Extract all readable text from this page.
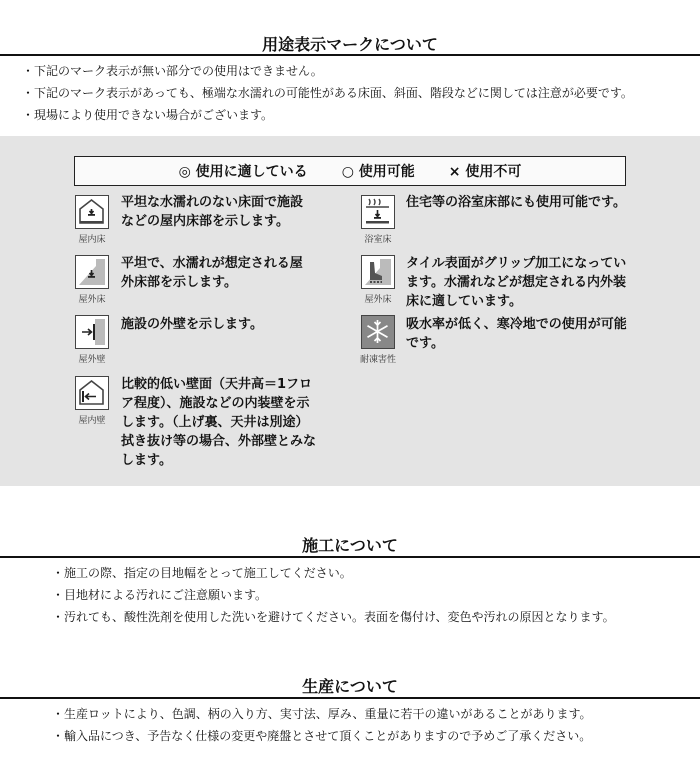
用途表示マークについて
・下記のマーク表示が無い部分での使用はできません。
・下記のマーク表示があっても、極端な水濡れの可能性がある床面、斜面、階段などに関しては注意が必要です。
・現場により使用できない場合がございます。
◎ 使用に適している ○ 使用可能 × 使用不可
屋内床
平坦な水濡れのない床面で施設などの屋内床部を示します。
屋外床
平坦で、水濡れが想定される屋外床部を示します。
屋外壁
施設の外壁を示します。
屋内壁
比較的低い壁面（天井高＝1フロア程度）、施設などの内装壁を示します。（上げ裏、天井は別途）拭き抜け等の場合、外部壁とみなします。
浴室床
住宅等の浴室床部にも使用可能です。
屋外床
タイル表面がグリップ加工になっています。水濡れなどが想定される内外装床に適しています。
耐凍害性
吸水率が低く、寒冷地での使用が可能です。
施工について
・施工の際、指定の目地幅をとって施工してください。
・目地材による汚れにご注意願います。
・汚れても、酸性洗剤を使用した洗いを避けてください。表面を傷付け、変色や汚れの原因となります。
生産について
・生産ロットにより、色調、柄の入り方、実寸法、厚み、重量に若干の違いがあることがあります。
・輸入品につき、予告なく仕様の変更や廃盤とさせて頂くことがありますので予めご了承ください。
